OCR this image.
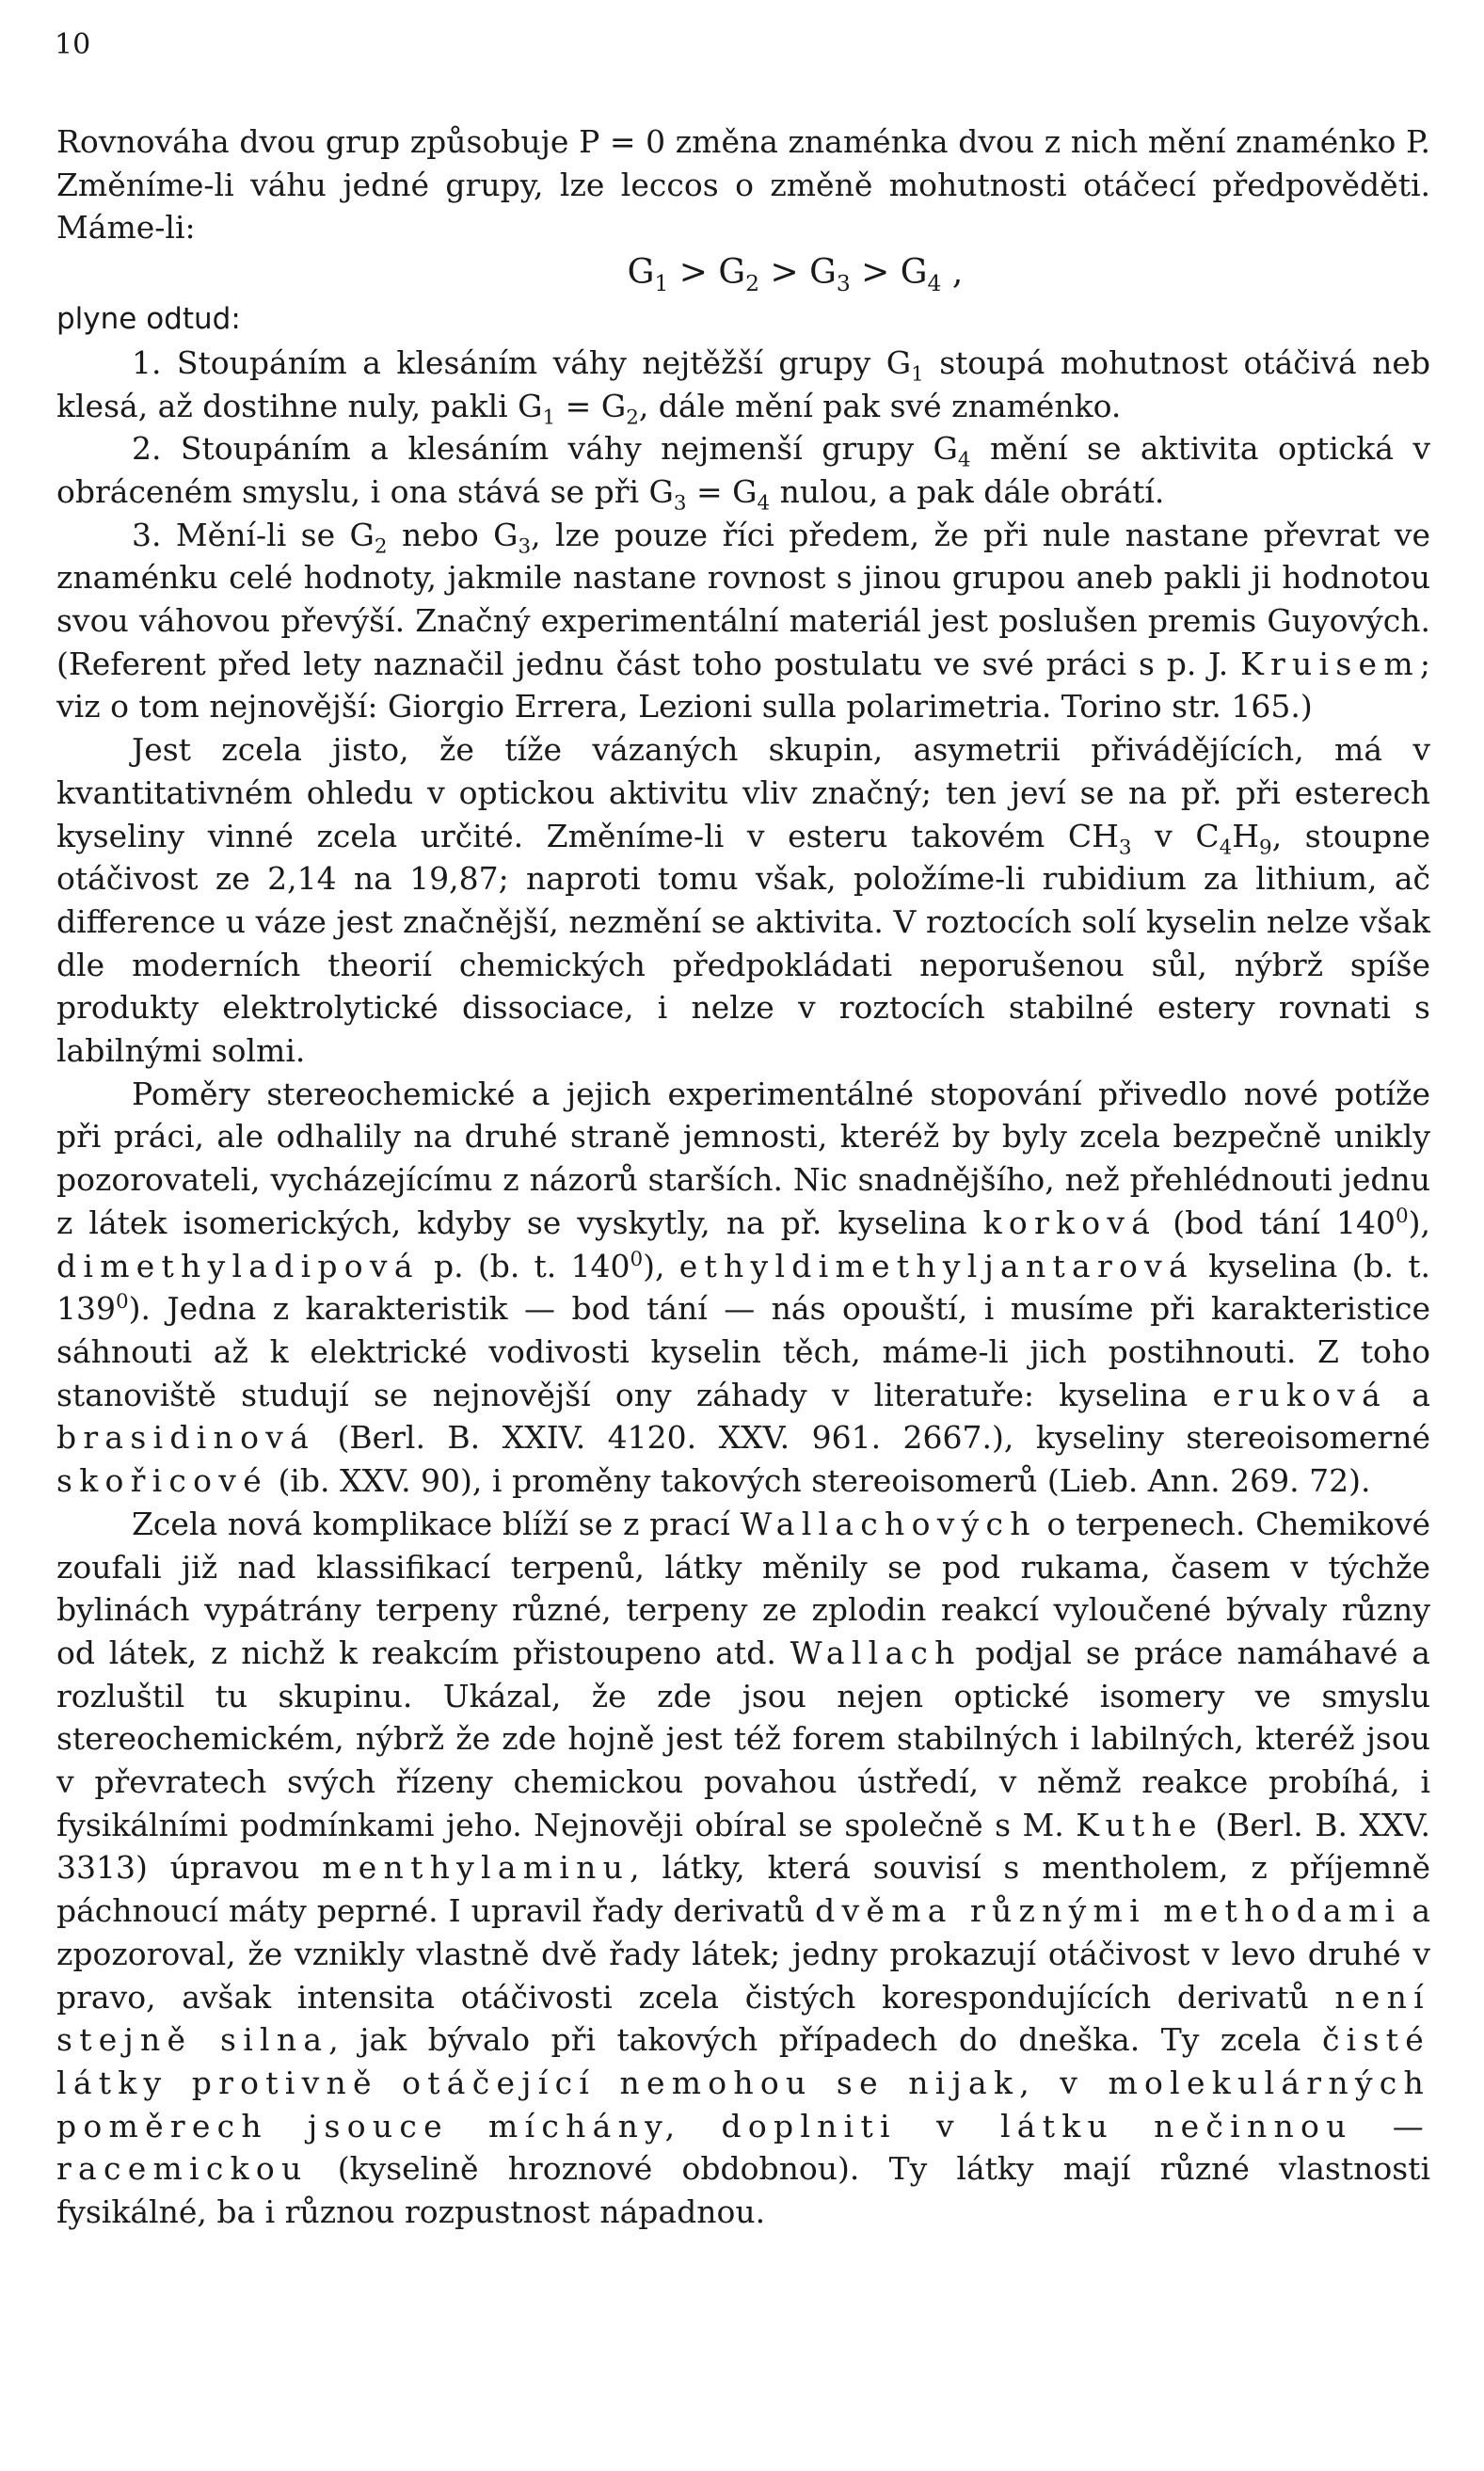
10

Rovnováha dvou grup způsobuje P = 0 změna znaménka dvou z nich mění znaménko P. Změníme-li váhu jedné grupy, lze leccos o změně mohutnosti otáčecí předpověděti. Máme-li:

$G_1 > G_2 > G_3 > G_4$ ,

plyne odtud:

1. Stoupáním a klesáním váhy nejtěžší grupy $G_1$ stoupá mohutnost otáčivá neb klesá, až dostihne nuly, pakli $G_1 = G_2$, dále mění pak své znaménko.

2. Stoupáním a klesáním váhy nejmenší grupy $G_4$ mění se aktivita optická v obráceném smyslu, i ona stává se při $G_3 = G_4$ nulou, a pak dále obrátí.

3. Mění-li se $G_2$ nebo $G_3$, lze pouze říci předem, že při nule nastane převrat ve znaménku celé hodnoty, jakmile nastane rovnost s jinou grupou aneb pakli ji hodnotou svou váhovou převýší. Značný experimentální materiál jest poslušen premis Guyových. (Referent před lety naznačil jednu část toho postulatu ve své práci s p. J. Kruisem; viz o tom nejnovější: Giorgio Errera, Lezioni sulla polarimetria. Torino str. 165.)

Jest zcela jisto, že tíže vázaných skupin, asymetrii přivádějících, má v kvantitativném ohledu v optickou aktivitu vliv značný; ten jeví se na př. při esterech kyseliny vinné zcela určité. Změníme-li v esteru takovém $CH_3$ v $C_4H_9$, stoupne otáčivost ze 2,14 na 19,87; naproti tomu však, položíme-li rubidium za lithium, ač difference u váze jest značnější, nezmění se aktivita. V roztocích solí kyselin nelze však dle moderních theorií chemických předpokládati neporušenou sůl, nýbrž spíše produkty elektrolytické dissociace, i nelze v roztocích stabilné estery rovnati s labilnými solmi.

Poměry stereochemické a jejich experimentálné stopování přivedlo nové potíže při práci, ale odhalily na druhé straně jemnosti, kteréž by byly zcela bezpečně unikly pozorovateli, vycházejícímu z názorů starších. Nic snadnějšího, než přehlédnouti jednu z látek isomerických, kdyby se vyskytly, na př. kyselina korková (bod tání $140^0$), dimethyladipová p. (b. t. $140^0$), ethyldimethyljantarová kyselina (b. t. $139^0$). Jedna z karakteristik — bod tání — nás opouští, i musíme při karakteristice sáhnouti až k elektrické vodivosti kyselin těch, máme-li jich postihnouti. Z toho stanoviště studují se nejnovější ony záhady v literatuře: kyselina eruková a brasidinová (Berl. B. XXIV. 4120. XXV. 961. 2667.), kyseliny stereoisomerné skořicové (ib. XXV. 90), i proměny takových stereoisomerů (Lieb. Ann. 269. 72).

Zcela nová komplikace blíží se z prací Wallachových o terpenech. Chemikové zoufali již nad klassifikací terpenů, látky měnily se pod rukama, časem v týchže bylinách vypátrány terpeny různé, terpeny ze zplodin reakcí vyloučené bývaly různy od látek, z nichž k reakcím přistoupeno atd. Wallach podjal se práce namáhavé a rozluštil tu skupinu. Ukázal, že zde jsou nejen optické isomery ve smyslu stereochemickém, nýbrž že zde hojně jest též forem stabilných i labilných, kteréž jsou v převratech svých řízeny chemickou povahou ústředí, v němž reakce probíhá, i fysikálními podmínkami jeho. Nejnověji obíral se společně s M. Kuthe (Berl. B. XXV. 3313) úpravou menthylaminu, látky, která souvisí s mentholem, z příjemně páchnoucí máty peprné. I upravil řady derivatů dvěma různými methodami a zpozoroval, že vznikly vlastně dvě řady látek; jedny prokazují otáčivost v levo druhé v pravo, avšak intensita otáčivosti zcela čistých korespondujících derivatů není stejně silna, jak bývalo při takových případech do dneška. Ty zcela čisté látky protivně otáčející nemohou se nijak, v molekulárných poměrech jsouce míchány, doplniti v látku nečinnou — racemickou (kyselině hroznové obdobnou). Ty látky mají různé vlastnosti fysikálné, ba i různou rozpustnost nápadnou.
